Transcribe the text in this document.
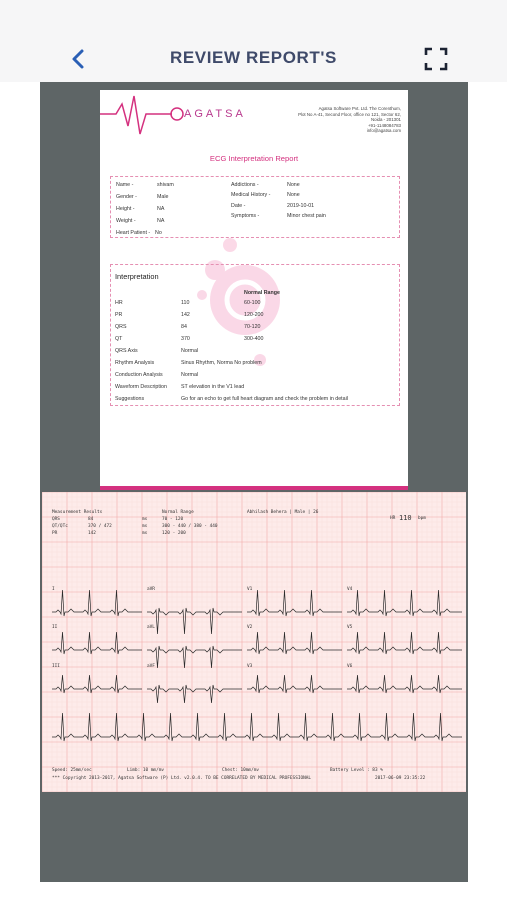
REVIEW REPORT'S
AGATSA	Agatsa Software Pvt. Ltd. The Corenthum,
Plot No A-41, Second Floor, office no 121, Sector 62,
Noida - 201301
+91-1148084783
info@agatsa.com
ECG Interpretation Report
Name -	shivam
Gender -	Male
Height -	NA
Weight -	NA
Heart Patient - No
Addictions -	None
Medical History -	None
Date -	2019-10-01
Symptoms -	Minor chest pain
Interpretation
Normal Range
HR	110	60-100
PR	142	120-200
QRS	84	70-120
QT	370	300-400
QRS Axis	Normal
Rhythm Analysis	Sinus Rhythm, Norma No problem
Conduction Analysis	Normal
Waveform Description	ST elevation in the V1 lead
Suggestions	Go for an echo to get full heart diagram and check the problem in detail
Measurement Results	Normal Range	Abhilash Behera | Male | 26
QRS	84	ms	70 - 120
QT/QTc	370 / 472	ms	300 - 440 / 380 - 440
PR	142	ms	120 - 200
HR 110 bpm
I	aVR	V1	V4
II	aVL	V2	V5
III	aVF	V3	V6
Speed: 25mm/sec	Limb: 10 mm/mv	Chest: 10mm/mv	Battery Level : 83 %
*** Copyright 2013-2017, Agatsa Software (P) Ltd. v2.0.4. TO BE CORRELATED BY MEDICAL PROFESSIONAL	2017-06-09 23:35:22
